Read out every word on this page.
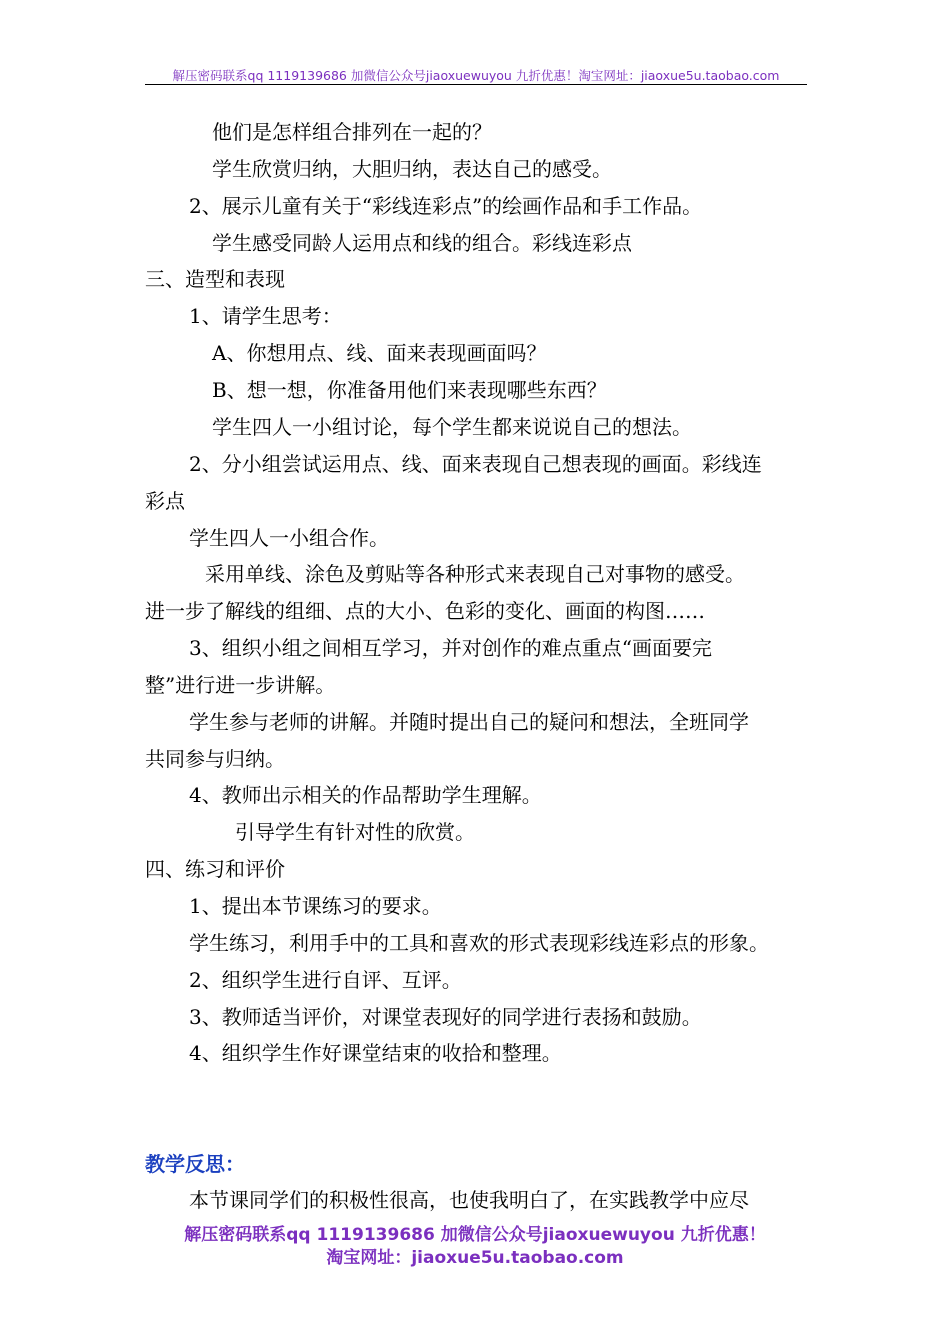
解压密码联系qq 1119139686 加微信公众号jiaoxuewuyou 九折优惠！淘宝网址：jiaoxue5u.taobao.com
他们是怎样组合排列在一起的？
学生欣赏归纳，大胆归纳，表达自己的感受。
2、展示儿童有关于“彩线连彩点”的绘画作品和手工作品。
学生感受同龄人运用点和线的组合。彩线连彩点
三、造型和表现
1、请学生思考：
A、你想用点、线、面来表现画面吗？
B、想一想，你准备用他们来表现哪些东西？
学生四人一小组讨论，每个学生都来说说自己的想法。
2、分小组尝试运用点、线、面来表现自己想表现的画面。彩线连
彩点
学生四人一小组合作。
采用单线、涂色及剪贴等各种形式来表现自己对事物的感受。
进一步了解线的组细、点的大小、色彩的变化、画面的构图……
3、组织小组之间相互学习，并对创作的难点重点“画面要完
整”进行进一步讲解。
学生参与老师的讲解。并随时提出自己的疑问和想法，全班同学
共同参与归纳。
4、教师出示相关的作品帮助学生理解。
引导学生有针对性的欣赏。
四、练习和评价
1、提出本节课练习的要求。
学生练习，利用手中的工具和喜欢的形式表现彩线连彩点的形象。
2、组织学生进行自评、互评。
3、教师适当评价，对课堂表现好的同学进行表扬和鼓励。
4、组织学生作好课堂结束的收拾和整理。
教学反思：
本节课同学们的积极性很高，也使我明白了，在实践教学中应尽
解压密码联系qq 1119139686 加微信公众号jiaoxuewuyou 九折优惠！
淘宝网址：jiaoxue5u.taobao.com
